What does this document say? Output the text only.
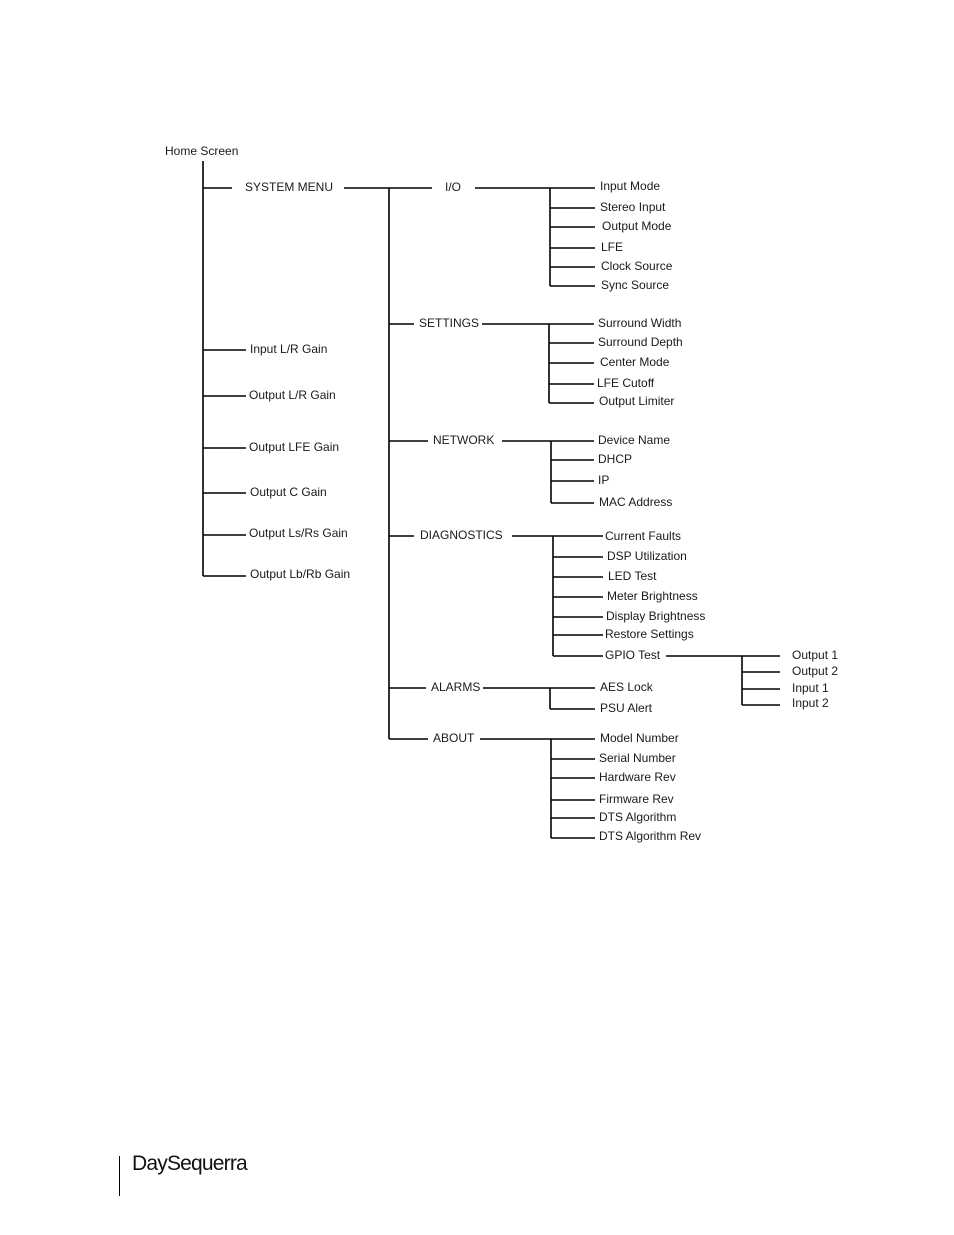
Home Screen
SYSTEM MENU
Input L/R Gain
Output L/R Gain
Output LFE Gain
Output C Gain
Output Ls/Rs Gain
Output Lb/Rb Gain
I/O	Input Mode
Stereo Input
Output Mode
LFE
Clock Source
Sync Source
SETTINGS	Surround Width
Surround Depth
Center Mode
LFE Cutoff
Output Limiter
NETWORK	Device Name
DHCP
IP
MAC Address
DIAGNOSTICS	Current Faults
DSP Utilization
LED Test
Meter Brightness
Display Brightness
Restore Settings
GPIO Test	Output 1
Output 2
Input 1
Input 2
ALARMS	AES Lock
PSU Alert
ABOUT	Model Number
Serial Number
Hardware Rev
Firmware Rev
DTS Algorithm
DTS Algorithm Rev
DaySequerra
